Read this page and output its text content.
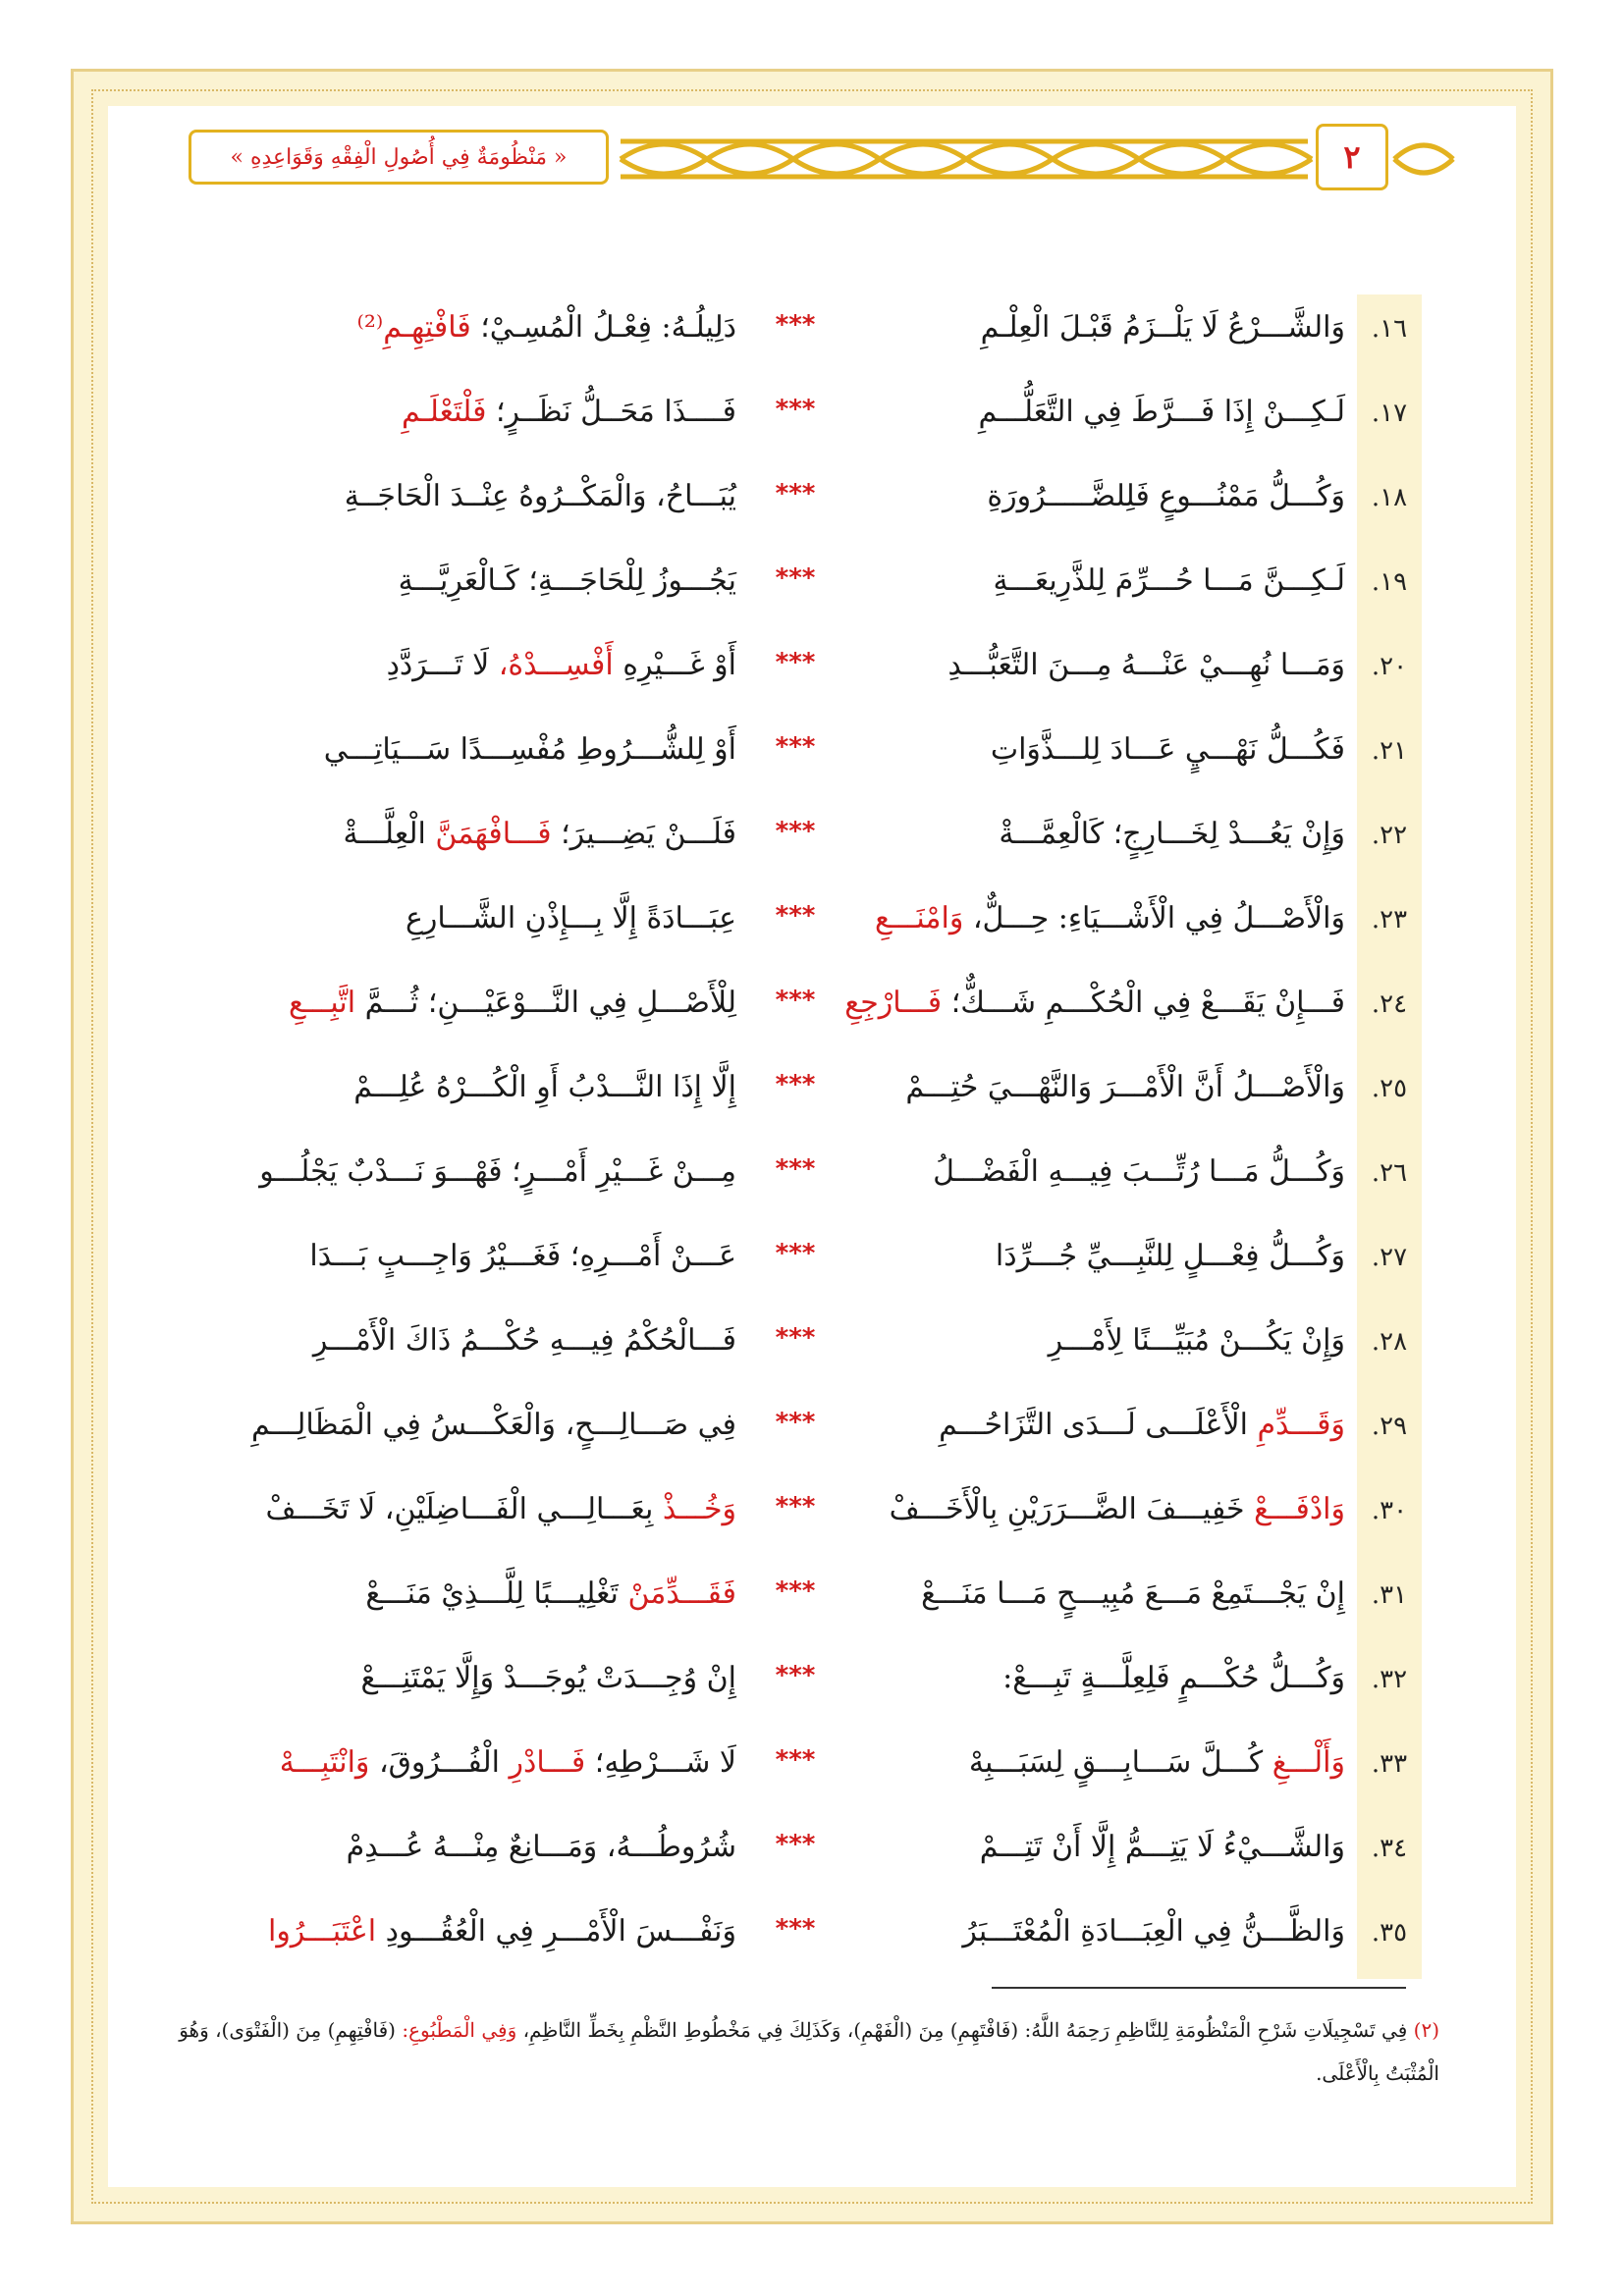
« مَنْظُومَةٌ فِي أُصُولِ الْفِقْهِ وَقَوَاعِدِهِ »	٢
١٦.
وَالشَّـــرْعُ لَا يَلْــزَمُ قَبْـلَ الْعِلْـمِ
***
دَلِيلُـهُ: فِعْـلُ الْمُسِـيْ؛ فَافْتِهِـمِ⁽²⁾
١٧.
لَـكِـــنْ إِذَا فَـــرَّطَ فِي التَّعَلُّـــمِ
***
فَــــذَا مَحَــلُّ نَظَــرٍ؛ فَلْتَعْلَـمِ
١٨.
وَكُـــلُّ مَمْنُـــوعٍ فَلِلضَّـــــرُورَةِ
***
يُبَـــاحُ، وَالْمَكْــرُوهُ عِنْــدَ الْحَاجَــةِ
١٩.
لَـكِـــنَّ مَـــا حُـــرِّمَ لِلذَّرِيعَـــةِ
***
يَجُـــوزُ لِلْحَاجَـــةِ؛ كَـالْعَرِيَّـــةِ
٢٠.
وَمَـــا نُهِـــيْ عَنْـــهُ مِـــنَ التَّعَبُّـــدِ
***
أَوْ غَـــيْرِهِ أَفْسِـــدْهُ، لَا تَـــرَدَّدِ
٢١.
فَكُـــلُّ نَهْـــيٍ عَـــادَ لِلـــذَّوَاتِ
***
أَوْ لِلشُّـــرُوطِ مُفْسِـــدًا سَـــيَاتِـــي
٢٢.
وَإِنْ يَعُـــدْ لِخَـــارِجٍ؛ كَالْعِمَّـــةْ
***
فَلَـــنْ يَضِـــيرَ؛ فَـــافْهَمَنَّ الْعِلَّـــةْ
٢٣.
وَالْأَصْـــلُ فِي الْأَشْـــيَاءِ: حِـــلٌّ، وَامْنَـــعِ
***
عِبَـــادَةً إِلَّا بِـــإِذْنِ الشَّـــارِعِ
٢٤.
فَـــإِنْ يَقَـــعْ فِي الْحُكْـــمِ شَـــكٌّ؛ فَـــارْجِعِ
***
لِلْأَصْـــلِ فِي النَّـــوْعَيْـــنِ؛ ثُـــمَّ اتَّبِـــعِ
٢٥.
وَالْأَصْـــلُ أَنَّ الْأَمْـــرَ وَالنَّهْـــيَ حُتِـــمْ
***
إِلَّا إِذَا النَّـــدْبُ أَوِ الْكُـــرْهُ عُلِـــمْ
٢٦.
وَكُـــلُّ مَـــا رُتِّـــبَ فِيـــهِ الْفَضْـــلُ
***
مِـــنْ غَـــيْرِ أَمْـــرٍ؛ فَهْـــوَ نَـــدْبٌ يَجْلُـــو
٢٧.
وَكُـــلُّ فِعْـــلٍ لِلنَّبِـــيِّ جُـــرِّدَا
***
عَـــنْ أَمْـــرِهِ؛ فَغَـــيْرُ وَاجِـــبٍ بَـــدَا
٢٨.
وَإِنْ يَكُـــنْ مُبَيِّـــنًا لِأَمْـــرِ
***
فَـــالْحُكْمُ فِيـــهِ حُكْـــمُ ذَاكَ الْأَمْـــرِ
٢٩.
وَقَـــدِّمِ الْأَعْلَـــى لَـــدَى التَّزَاحُـــمِ
***
فِي صَـــالِـــحٍ، وَالْعَكْـــسُ فِي الْمَظَالِـــمِ
٣٠.
وَادْفَـــعْ خَفِيـــفَ الضَّـــرَرَيْنِ بِالْأَخَـــفْ
***
وَخُـــذْ بِعَـــالِـــي الْفَـــاضِلَيْنِ، لَا تَخَـــفْ
٣١.
إِنْ يَجْـــتَمِعْ مَـــعَ مُبِيـــحٍ مَـــا مَنَـــعْ
***
فَقَـــدِّمَنْ تَغْلِيـــبًا لِلَّـــذِيْ مَنَـــعْ
٣٢.
وَكُـــلُّ حُكْـــمٍ فَلِعِلَّـــةٍ تَبِـــعْ:
***
إِنْ وُجِـــدَتْ يُوجَـــدْ وَإِلَّا يَمْتَنِـــعْ
٣٣.
وَأَلْـــغِ كُـــلَّ سَـــابِـــقٍ لِسَبَـــبِهْ
***
لَا شَـــرْطِهِ؛ فَـــادْرِ الْفُـــرُوقَ، وَانْتَبِـــهْ
٣٤.
وَالشَّـــيْءُ لَا يَتِـــمُّ إِلَّا أَنْ تَتِـــمْ
***
شُرُوطُـــهُ، وَمَـــانِعٌ مِنْـــهُ عُـــدِمْ
٣٥.
وَالظَّـــنُّ فِي الْعِبَـــادَةِ الْمُعْتَـــبَرُ
***
وَنَفْـــسَ الْأَمْـــرِ فِي الْعُقُـــودِ اعْتَبَـــرُوا
(٢) فِي تَسْجِيلَاتِ شَرْحِ الْمَنْظُومَةِ لِلنَّاظِمِ رَحِمَهُ اللَّهُ: (فَافْتَهِمِ) مِنَ (الْفَهْمِ)، وَكَذَلِكَ فِي مَخْطُوطِ النَّظْمِ بِخَطِّ النَّاظِمِ، وَفِي الْمَطْبُوعِ: (فَافْتِهِمِ) مِنَ (الْفَتْوَى)، وَهُوَ الْمُثْبَتُ بِالْأَعْلَى.
